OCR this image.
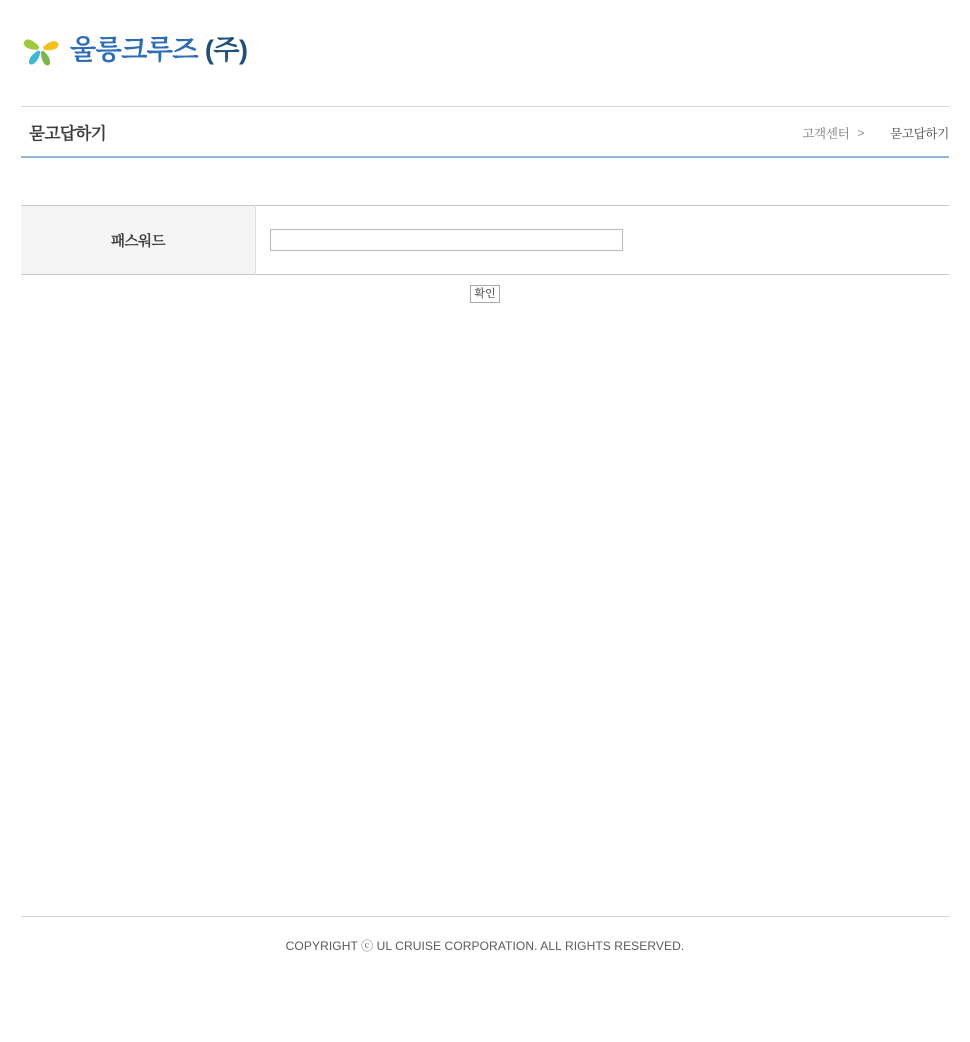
울릉크루즈 (주)
묻고답하기	고객센터 > 묻고답하기
패스워드	
확인
COPYRIGHT ⓒ UL CRUISE CORPORATION. ALL RIGHTS RESERVED.
